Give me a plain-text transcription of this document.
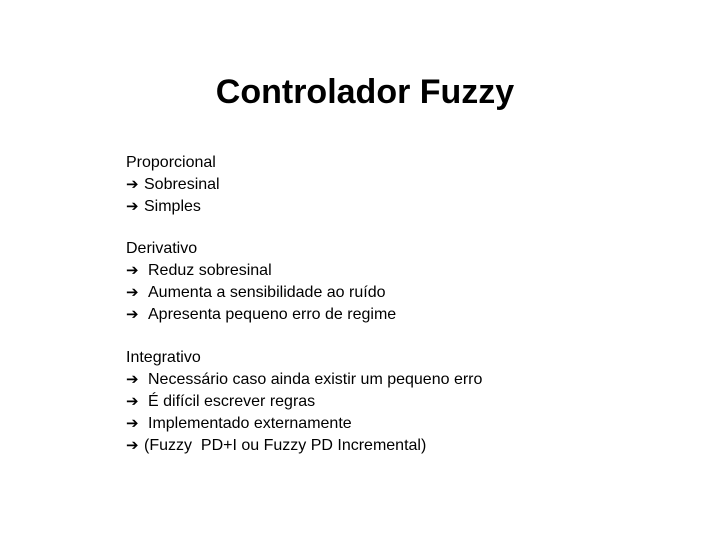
Controlador Fuzzy
Proporcional
➔ Sobresinal
➔ Simples
Derivativo
➔ Reduz sobresinal
➔ Aumenta a sensibilidade ao ruído
➔ Apresenta pequeno erro de regime
Integrativo
➔ Necessário caso ainda existir um pequeno erro
➔ É difícil escrever regras
➔ Implementado externamente
➔ (Fuzzy  PD+I ou Fuzzy PD Incremental)
